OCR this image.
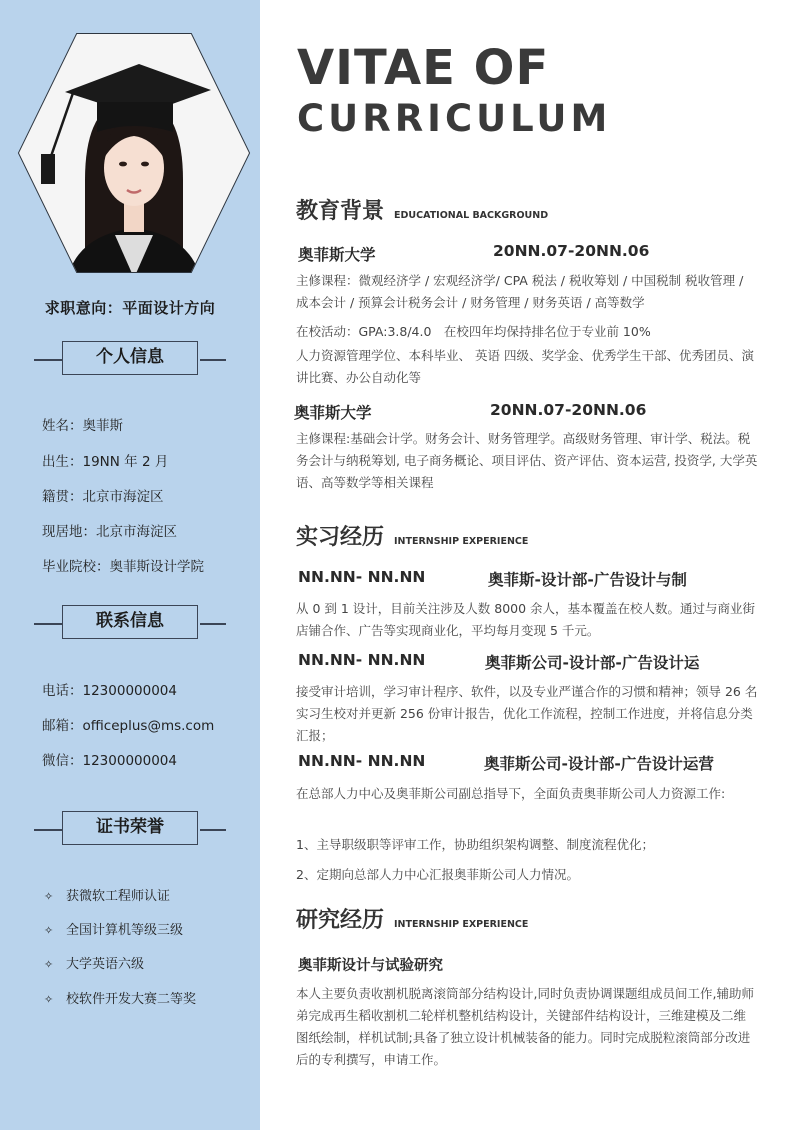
求职意向：平面设计方向
个人信息
姓名：奥菲斯
出生：19NN 年 2 月
籍贯：北京市海淀区
现居地：北京市海淀区
毕业院校：奥菲斯设计学院
联系信息
电话：12300000004
邮箱：officeplus@ms.com
微信：12300000004
证书荣誉
✧ 获微软工程师认证
✧ 全国计算机等级三级
✧ 大学英语六级
✧ 校软件开发大赛二等奖
VITAE OF
CURRICULUM
教育背景 EDUCATIONAL BACKGROUND
奥菲斯大学	20NN.07-20NN.06
主修课程：微观经济学 / 宏观经济学/ CPA 税法 / 税收筹划 / 中国税制 税收管理 / 成本会计 / 预算会计税务会计 / 财务管理 / 财务英语 / 高等数学
在校活动：GPA:3.8/4.0　在校四年均保持排名位于专业前 10%
人力资源管理学位、本科毕业、 英语 四级、奖学金、优秀学生干部、优秀团员、演讲比赛、办公自动化等
奥菲斯大学	20NN.07-20NN.06
主修课程:基础会计学。财务会计、财务管理学。高级财务管理、审计学、税法。税务会计与纳税筹划, 电子商务概论、项目评估、资产评估、资本运营, 投资学, 大学英语、高等数学等相关课程
实习经历 INTERNSHIP EXPERIENCE
NN.NN- NN.NN	奥菲斯-设计部-广告设计与制
从 0 到 1 设计，目前关注涉及人数 8000 余人，基本覆盖在校人数。通过与商业街店铺合作、广告等实现商业化，平均每月变现 5 千元。
NN.NN- NN.NN	奥菲斯公司-设计部-广告设计运
接受审计培训，学习审计程序、软件，以及专业严谨合作的习惯和精神；领导 26 名实习生校对并更新 256 份审计报告，优化工作流程，控制工作进度，并将信息分类汇报；
NN.NN- NN.NN	奥菲斯公司-设计部-广告设计运营
在总部人力中心及奥菲斯公司副总指导下，全面负责奥菲斯公司人力资源工作:
1、主导职级职等评审工作，协助组织架构调整、制度流程优化；
2、定期向总部人力中心汇报奥菲斯公司人力情况。
研究经历 INTERNSHIP EXPERIENCE
奥菲斯设计与试验研究
本人主要负责收割机脱离滚筒部分结构设计,同时负责协调课题组成员间工作,辅助师弟完成再生稻收割机二轮样机整机结构设计，关键部件结构设计，三维建模及二维图纸绘制，样机试制;具备了独立设计机械装备的能力。同时完成脱粒滚筒部分改进后的专利撰写，申请工作。
